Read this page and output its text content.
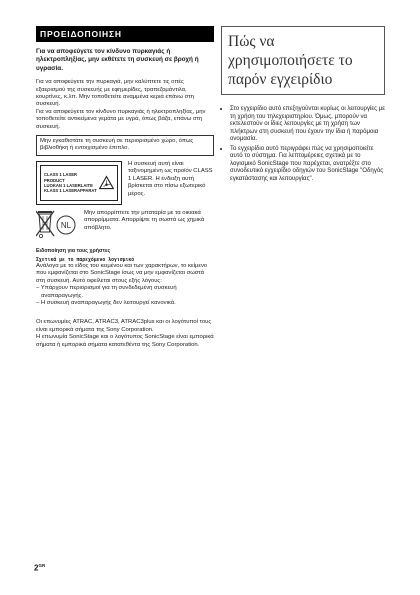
ΠΡΟΕΙΔΟΠΟΙΗΣΗ
Για να αποφεύγετε τον κίνδυνο πυρκαγιάς ή ηλεκτροπληξίας, μην εκθέτετε τη συσκευή σε βροχή ή υγρασία.
Για να αποφεύγετε την πυρκαγιά, μην καλύπτετε τις οπές εξαερισμού της συσκευής με εφημερίδες, τραπεζομάντιλα, κουρτίνες, κ.λπ. Μην τοποθετείτε αναμμένα κεριά επάνω στη συσκευή.
Για να αποφεύγετε τον κίνδυνο πυρκαγιάς ή ηλεκτροπληξίας, μην τοποθετείτε αντικείμενα γεμάτα με υγρά, όπως βάζα, επάνω στη συσκευή.
Μην εγκαθιστάτε τη συσκευή σε περιορισμένο χώρο, όπως βιβλιοθήκη ή εντοιχισμένο έπιπλο.
CLASS 1 LASER PRODUCT
LUOKAN 1 LASERLAITE
KLASS 1 LASERAPPARAT
Η συσκευή αυτή είναι ταξινομημένη ως προϊόν CLASS 1 LASER. Η ένδειξη αυτή βρίσκεται στο πίσω εξωτερικό μέρος.
NL
Μην απορρίπτετε την μπαταρία με τα οικιακά απορρίμματα. Απορρίψτε τη σωστά ως χημικά απόβλητο.
Ειδοποίηση για τους χρήστες
Σχετικά με το παρεχόμενο λογισμικό
Ανάλογα με το είδος του κειμένου και των χαρακτήρων, το κείμενο που εμφανίζεται στο SonicStage ίσως να μην εμφανίζεται σωστά στη συσκευή. Αυτό οφείλεται στους εξής λόγους:
– Υπάρχουν περιορισμοί για τη συνδεδεμένη συσκευή αναπαραγωγής.
– Η συσκευή αναπαραγωγής δεν λειτουργεί κανονικά.
Οι επωνυμίες ATRAC, ATRAC3, ATRAC3plus και οι λογότυποί τους είναι εμπορικά σήματα της Sony Corporation.
Η επωνυμία SonicStage και ο λογότυπος SonicStage είναι εμπορικά σήματα ή εμπορικά σήματα κατατεθέντα της Sony Corporation.
Πώς να χρησιμοποιήσετε το παρόν εγχειρίδιο
• Στο εγχειρίδιο αυτό επεξηγούνται κυρίως οι λειτουργίες με τη χρήση του τηλεχειριστηρίου. Όμως, μπορούν να εκτελεστούν οι ίδιες λειτουργίες με τη χρήση των πλήκτρων στη συσκευή που έχουν την ίδια ή παρόμοια ονομασία.
• Το εγχειρίδιο αυτό περιγράφει πώς να χρησιμοποιείτε αυτό το σύστημα. Για λεπτομέρειες σχετικά με το λογισμικό SonicStage που παρέχεται, ανατρέξτε στο συνοδευτικό εγχειρίδιο οδηγιών του SonicStage "Οδηγός εγκατάστασης και λειτουργίας".
$2^{GR}$
